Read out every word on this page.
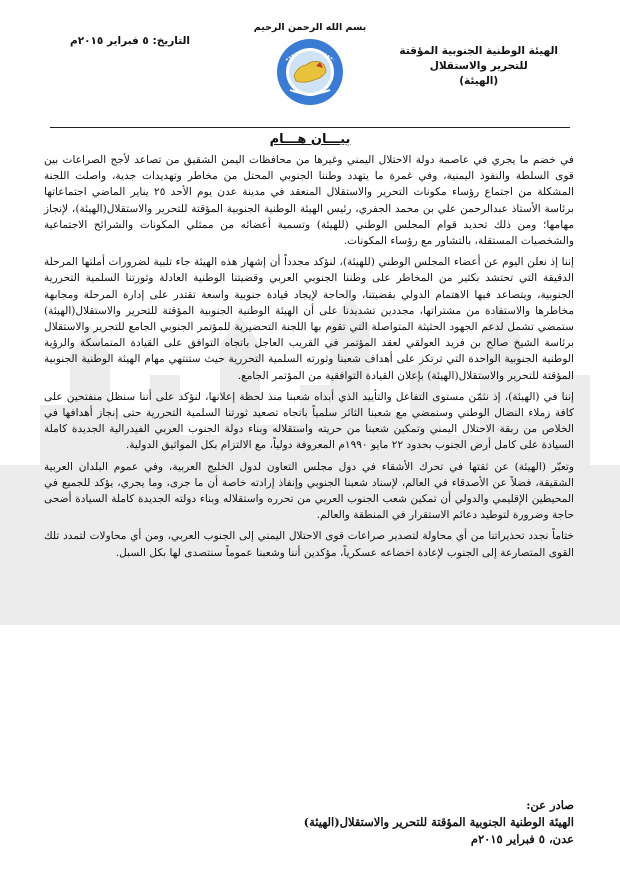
بسم الله الرحمن الرحيم
الهيئة الوطنية الجنوبية المؤقتة
للتحرير والاستقلال
(الهيئة)
التاريخ: ٥ فبراير ٢٠١٥م
بيـــان هـــام

في خضم ما يجري في عاصمة دولة الاحتلال اليمني وغيرها من محافظات اليمن الشقيق من تصاعد لأجج الصراعات بين قوى السلطة والنفوذ اليمنية، وفي غمرة ما يتهدد وطننا الجنوبي المحتل من مخاطر وتهديدات جدية، واصلت اللجنة المشكلة من اجتماع رؤساء مكونات التحرير والاستقلال المنعقد في مدينة عدن يوم الأحد ٢٥ يناير الماضي اجتماعاتها برئاسة الأستاذ عبدالرحمن علي بن محمد الجفري، رئيس الهيئة الوطنية الجنوبية المؤقتة للتحرير والاستقلال(الهيئة)، لإنجاز مهامها؛ ومن ذلك تحديد قوام المجلس الوطني (للهيئة) وتسمية أعضائه من ممثلي المكونات والشرائح الاجتماعية والشخصيات المستقلة، بالتشاور مع رؤساء المكونات.

إننا إذ نعلن اليوم عن أعضاء المجلس الوطني (للهيئة)، لنؤكد مجدداً أن إشهار هذه الهيئة جاء تلبية لضرورات أملتها المرحلة الدقيقة التي تحتشد بكثير من المخاطر على وطننا الجنوبي العربي وقضيتنا الوطنية العادلة وثورتنا السلمية التحررية الجنوبية، ويتصاعد فيها الاهتمام الدولي بقضيتنا، والحاجة لإيجاد قيادة جنوبية واسعة تقتدر على إدارة المرحلة ومجابهة مخاطرها والاستفادة من مشتراتها، مجددين تشديدنا على أن الهيئة الوطنية الجنوبية المؤقتة للتحرير والاستقلال(الهيئة) ستمضي تشمل لدعم الجهود الحثيثة المتواصلة التي تقوم بها اللجنة التحضيرية للمؤتمر الجنوبي الجامع للتحرير والاستقلال برئاسة الشيخ صالح بن فريد العولقي لعقد المؤتمر في القريب العاجل باتجاه التوافق على القيادة المتماسكة والرؤية الوطنية الجنوبية الواحدة التي ترتكز على أهداف شعبنا وثورته السلمية التحررية حيث ستنتهي مهام الهيئة الوطنية الجنوبية المؤقتة للتحرير والاستقلال(الهيئة) بإعلان القيادة التوافقية من المؤتمر الجامع.

إننا في (الهيئة)، إذ نثمّن مستوى التفاعل والتأييد الذي أبداه شعبنا منذ لحظة إعلانها، لنؤكد على أننا سنظل منفتحين على كافة زملاء النضال الوطني وسنمضي مع شعبنا الثائر سلمياً باتجاه تصعيد ثورتنا السلمية التحررية حتى إنجاز أهدافها في الخلاص من ربقة الاحتلال اليمني وتمكين شعبنا من حريته واستقلاله وبناء دولة الجنوب العربي الفيدرالية الجديدة كاملة السيادة على كامل أرض الجنوب بحدود ٢٢ مايو ١٩٩٠م المعروفة دولياً، مع الالتزام بكل المواثيق الدولية.

وتعبّر (الهيئة) عن ثقتها في تحرك الأشقاء في دول مجلس التعاون لدول الخليج العربية، وفي عموم البلدان العربية الشقيقة، فضلاً عن الأصدقاء في العالم، لإسناد شعبنا الجنوبي وإنفاذ إرادته خاصة أن ما جرى، وما يجري، يؤكد للجميع في المحيطين الإقليمي والدولي أن تمكين شعب الجنوب العربي من تحرره واستقلاله وبناء دولته الجديدة كاملة السيادة أضحى حاجة وضرورة لتوطيد دعائم الاستقرار في المنطقة والعالم.

ختاماً نجدد تحذيراتنا من أي محاولة لتصدير صراعات قوى الاحتلال اليمني إلى الجنوب العربي، ومن أي محاولات لتمدد تلك القوى المتصارعة إلى الجنوب لإعادة اخضاعه عسكرياً، مؤكدين أننا وشعبنا عموماً سنتصدى لها بكل السبل.

صادر عن:
الهيئة الوطنية الجنوبية المؤقتة للتحرير والاستقلال(الهيئة)
عدن، ٥ فبراير ٢٠١٥م
